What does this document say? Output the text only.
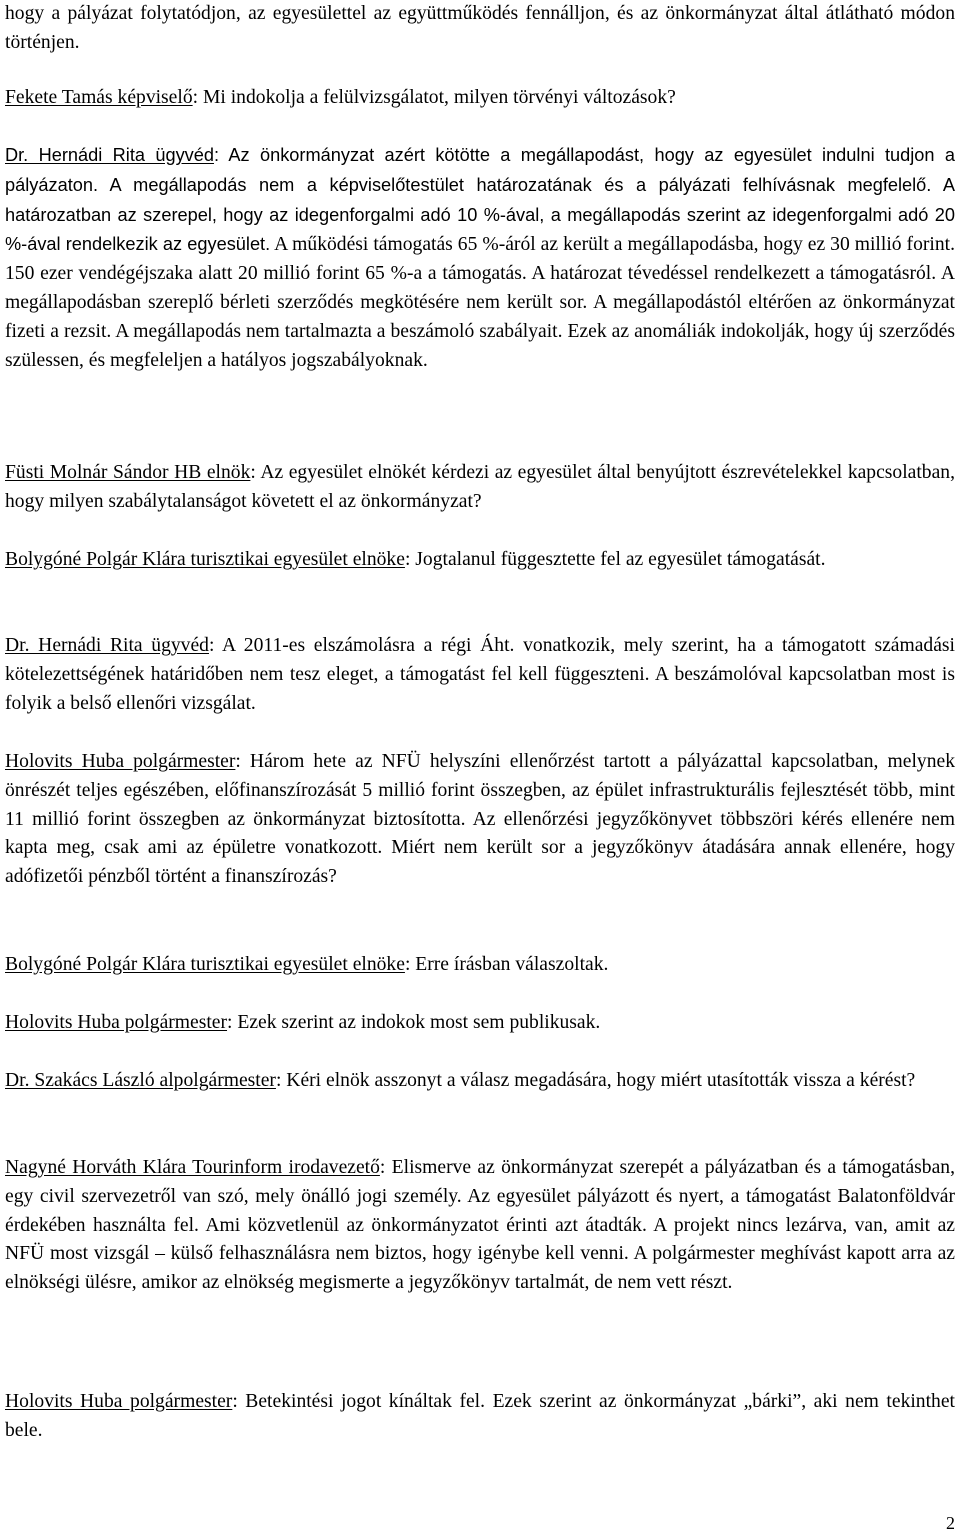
hogy a pályázat folytatódjon, az egyesülettel az együttműködés fennálljon, és az önkormányzat által átlátható módon történjen.

Fekete Tamás képviselő: Mi indokolja a felülvizsgálatot, milyen törvényi változások?

Dr. Hernádi Rita ügyvéd: Az önkormányzat azért kötötte a megállapodást, hogy az egyesület indulni tudjon a pályázaton. A megállapodás nem a képviselőtestület határozatának és a pályázati felhívásnak megfelelő. A határozatban az szerepel, hogy az idegenforgalmi adó 10 %-ával, a megállapodás szerint az idegenforgalmi adó 20 %-ával rendelkezik az egyesület. A működési támogatás 65 %-áról az került a megállapodásba, hogy ez 30 millió forint. 150 ezer vendégéjszaka alatt 20 millió forint 65 %-a a támogatás. A határozat tévedéssel rendelkezett a támogatásról. A megállapodásban szereplő bérleti szerződés megkötésére nem került sor. A megállapodástól eltérően az önkormányzat fizeti a rezsit. A megállapodás nem tartalmazta a beszámoló szabályait. Ezek az anomáliák indokolják, hogy új szerződés szülessen, és megfeleljen a hatályos jogszabályoknak.

Füsti Molnár Sándor HB elnök: Az egyesület elnökét kérdezi az egyesület által benyújtott észrevételekkel kapcsolatban, hogy milyen szabálytalanságot követett el az önkormányzat?

Bolygóné Polgár Klára turisztikai egyesület elnöke: Jogtalanul függesztette fel az egyesület támogatását.

Dr. Hernádi Rita ügyvéd: A 2011-es elszámolásra a régi Áht. vonatkozik, mely szerint, ha a támogatott számadási kötelezettségének határidőben nem tesz eleget, a támogatást fel kell függeszteni. A beszámolóval kapcsolatban most is folyik a belső ellenőri vizsgálat.

Holovits Huba polgármester: Három hete az NFÜ helyszíni ellenőrzést tartott a pályázattal kapcsolatban, melynek önrészét teljes egészében, előfinanszírozását 5 millió forint összegben, az épület infrastrukturális fejlesztését több, mint 11 millió forint összegben az önkormányzat biztosította. Az ellenőrzési jegyzőkönyvet többszöri kérés ellenére nem kapta meg, csak ami az épületre vonatkozott. Miért nem került sor a jegyzőkönyv átadására annak ellenére, hogy adófizetői pénzből történt a finanszírozás?

Bolygóné Polgár Klára turisztikai egyesület elnöke: Erre írásban válaszoltak.

Holovits Huba polgármester: Ezek szerint az indokok most sem publikusak.

Dr. Szakács László alpolgármester: Kéri elnök asszonyt a válasz megadására, hogy miért utasították vissza a kérést?

Nagyné Horváth Klára Tourinform irodavezető: Elismerve az önkormányzat szerepét a pályázatban és a támogatásban, egy civil szervezetről van szó, mely önálló jogi személy. Az egyesület pályázott és nyert, a támogatást Balatonföldvár érdekében használta fel. Ami közvetlenül az önkormányzatot érinti azt átadták. A projekt nincs lezárva, van, amit az NFÜ most vizsgál – külső felhasználásra nem biztos, hogy igénybe kell venni. A polgármester meghívást kapott arra az elnökségi ülésre, amikor az elnökség megismerte a jegyzőkönyv tartalmát, de nem vett részt.

Holovits Huba polgármester: Betekintési jogot kínáltak fel. Ezek szerint az önkormányzat „bárki”, aki nem tekinthet bele.

2
